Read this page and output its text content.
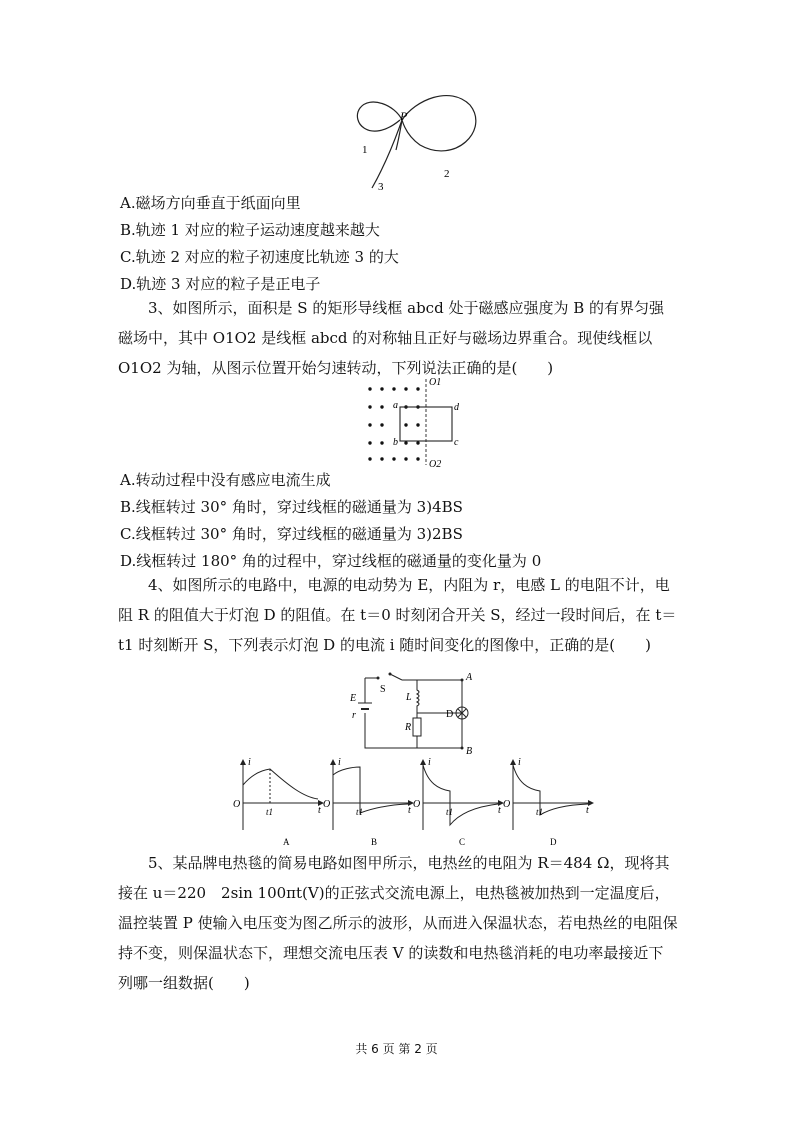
P
1
2
3
A.磁场方向垂直于纸面向里
B.轨迹 1 对应的粒子运动速度越来越大
C.轨迹 2 对应的粒子初速度比轨迹 3 的大
D.轨迹 3 对应的粒子是正电子
3、如图所示，面积是 S 的矩形导线框 abcd 处于磁感应强度为 B 的有界匀强磁场中，其中 O1O2 是线框 abcd 的对称轴且正好与磁场边界重合。现使线框以 O1O2 为轴，从图示位置开始匀速转动，下列说法正确的是(　　)
a
b	c
d
O1
O2
A.转动过程中没有感应电流生成
B.线框转过 30° 角时，穿过线框的磁通量为 3)4BS
C.线框转过 30° 角时，穿过线框的磁通量为 3)2BS
D.线框转过 180° 角的过程中，穿过线框的磁通量的变化量为 0
4、如图所示的电路中，电源的电动势为 E，内阻为 r，电感 L 的电阻不计，电阻 R 的阻值大于灯泡 D 的阻值。在 t＝0 时刻闭合开关 S，经过一段时间后，在 t＝t1 时刻断开 S，下列表示灯泡 D 的电流 i 随时间变化的图像中，正确的是(　　)
S
E
r
L
R
D
A
B
i
O
t
t1
A
i
O
t
t1
B
i
O
t
t1
C
i
O
t
t1
D
5、某品牌电热毯的简易电路如图甲所示，电热丝的电阻为 R＝484 Ω，现将其接在 u＝220　2sin 100πt(V)的正弦式交流电源上，电热毯被加热到一定温度后，温控装置 P 使输入电压变为图乙所示的波形，从而进入保温状态，若电热丝的电阻保持不变，则保温状态下，理想交流电压表 V 的读数和电热毯消耗的电功率最接近下列哪一组数据(　　)
共 6 页 第 2 页
